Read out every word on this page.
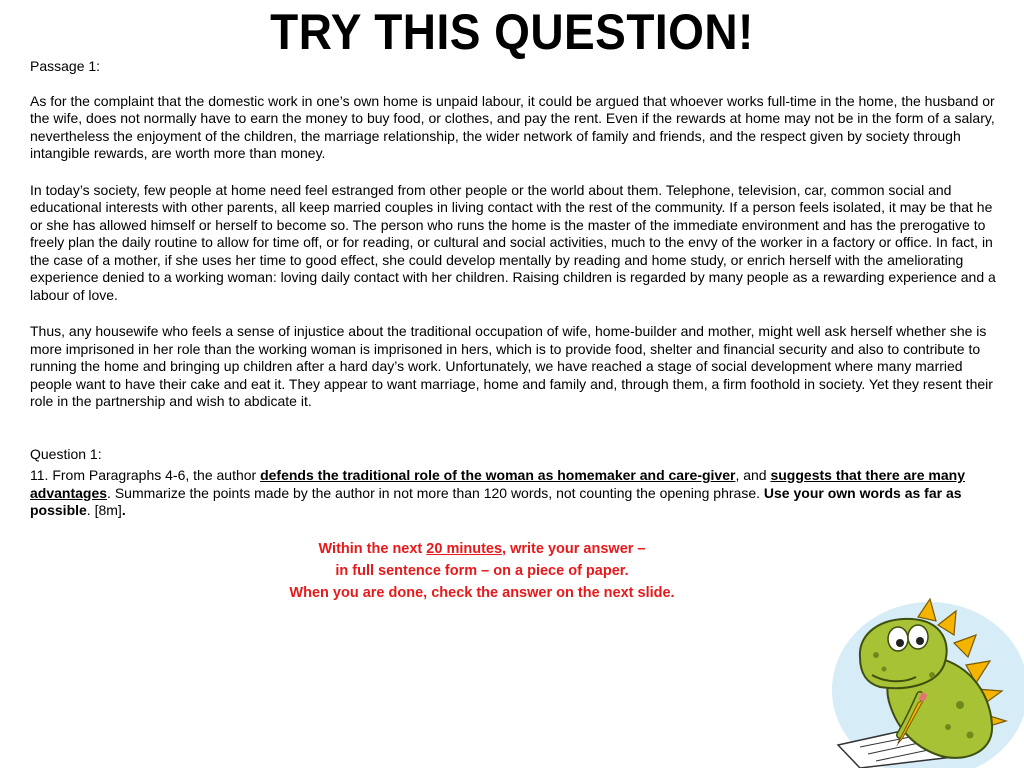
TRY THIS QUESTION!

Passage 1:

As for the complaint that the domestic work in one’s own home is unpaid labour, it could be argued that whoever works full-time in the home, the husband or the wife, does not normally have to earn the money to buy food, or clothes, and pay the rent. Even if the rewards at home may not be in the form of a salary, nevertheless the enjoyment of the children, the marriage relationship, the wider network of family and friends, and the respect given by society through intangible rewards, are worth more than money.

In today’s society, few people at home need feel estranged from other people or the world about them. Telephone, television, car, common social and educational interests with other parents, all keep married couples in living contact with the rest of the community. If a person feels isolated, it may be that he or she has allowed himself or herself to become so. The person who runs the home is the master of the immediate environment and has the prerogative to freely plan the daily routine to allow for time off, or for reading, or cultural and social activities, much to the envy of the worker in a factory or office. In fact, in the case of a mother, if she uses her time to good effect, she could develop mentally by reading and home study, or enrich herself with the ameliorating experience denied to a working woman: loving daily contact with her children. Raising children is regarded by many people as a rewarding experience and a labour of love.

Thus, any housewife who feels a sense of injustice about the traditional occupation of wife, home-builder and mother, might well ask herself whether she is more imprisoned in her role than the working woman is imprisoned in hers, which is to provide food, shelter and financial security and also to contribute to running the home and bringing up children after a hard day’s work. Unfortunately, we have reached a stage of social development where many married people want to have their cake and eat it. They appear to want marriage, home and family and, through them, a firm foothold in society. Yet they resent their role in the partnership and wish to abdicate it.

Question 1:

11. From Paragraphs 4-6, the author defends the traditional role of the woman as homemaker and care-giver, and suggests that there are many advantages. Summarize the points made by the author in not more than 120 words, not counting the opening phrase. Use your own words as far as possible. [8m].

Within the next 20 minutes, write your answer –
in full sentence form – on a piece of paper.
When you are done, check the answer on the next slide.
